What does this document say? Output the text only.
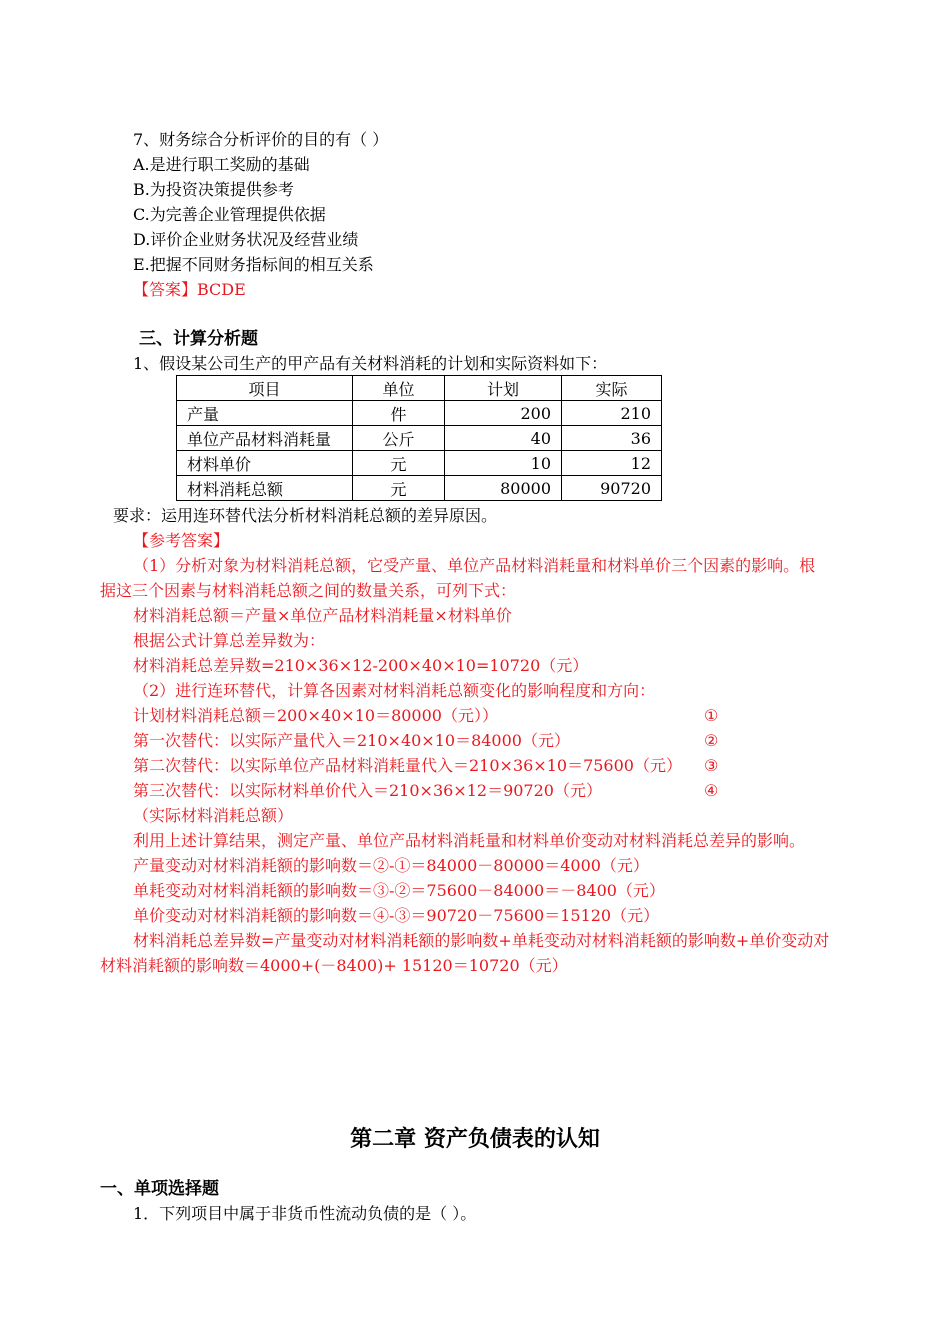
7、财务综合分析评价的目的有（ ）
A.是进行职工奖励的基础
B.为投资决策提供参考
C.为完善企业管理提供依据
D.评价企业财务状况及经营业绩
E.把握不同财务指标间的相互关系
【答案】BCDE
三、计算分析题
1、假设某公司生产的甲产品有关材料消耗的计划和实际资料如下：
项目	单位	计划	实际
产量	件	200	210
单位产品材料消耗量	公斤	40	36
材料单价	元	10	12
材料消耗总额	元	80000	90720
要求：运用连环替代法分析材料消耗总额的差异原因。
【参考答案】
（1）分析对象为材料消耗总额，它受产量、单位产品材料消耗量和材料单价三个因素的影响。根
据这三个因素与材料消耗总额之间的数量关系，可列下式：
材料消耗总额＝产量×单位产品材料消耗量×材料单价
根据公式计算总差异数为：
材料消耗总差异数=210×36×12-200×40×10=10720（元）
（2）进行连环替代，计算各因素对材料消耗总额变化的影响程度和方向：
计划材料消耗总额＝200×40×10＝80000（元））
第一次替代：以实际产量代入＝210×40×10＝84000（元）
第二次替代：以实际单位产品材料消耗量代入＝210×36×10＝75600（元）
第三次替代：以实际材料单价代入＝210×36×12＝90720（元）
（实际材料消耗总额）
利用上述计算结果，测定产量、单位产品材料消耗量和材料单价变动对材料消耗总差异的影响。
产量变动对材料消耗额的影响数＝②-①＝84000－80000＝4000（元）
单耗变动对材料消耗额的影响数＝③-②＝75600－84000＝－8400（元）
单价变动对材料消耗额的影响数＝④-③＝90720－75600＝15120（元）
材料消耗总差异数=产量变动对材料消耗额的影响数+单耗变动对材料消耗额的影响数+单价变动对
材料消耗额的影响数＝4000+(－8400)+ 15120＝10720（元）
①
②
③
④
第二章 资产负债表的认知
一、单项选择题
1．下列项目中属于非货币性流动负债的是（ ）。
